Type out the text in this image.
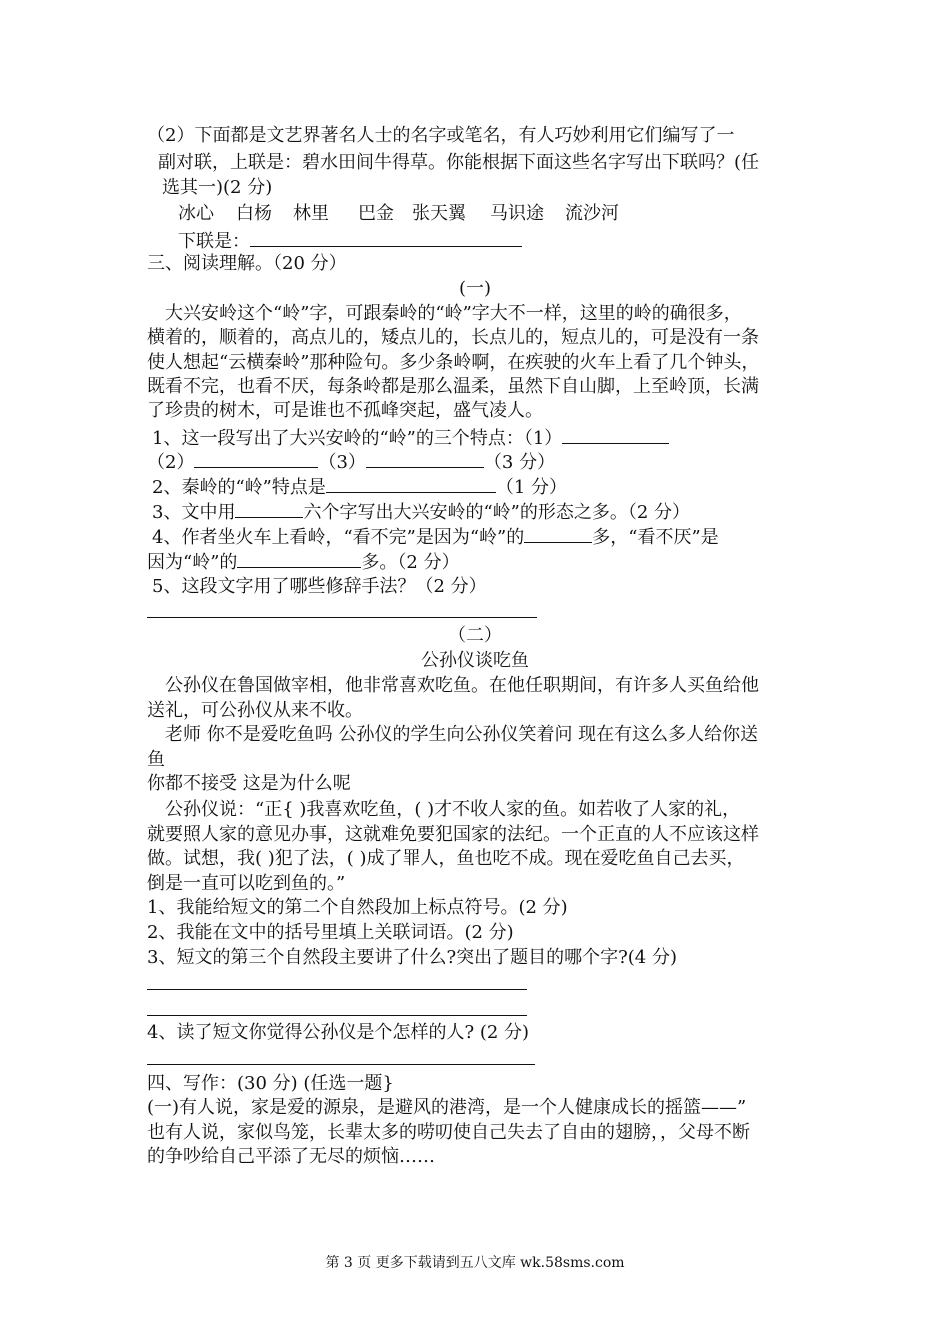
（2）下面都是文艺界著名人士的名字或笔名，有人巧妙利用它们编写了一
副对联，上联是：碧水田间牛得草。你能根据下面这些名字写出下联吗？(任
选其一)(2 分)
冰心 白杨 林里 巴金 张天翼 马识途 流沙河
下联是：
三、阅读理解。（20 分）
(一)
大兴安岭这个“岭”字，可跟秦岭的“岭”字大不一样，这里的岭的确很多，
横着的，顺着的，高点儿的，矮点儿的，长点儿的，短点儿的，可是没有一条
使人想起“云横秦岭”那种险句。多少条岭啊，在疾驶的火车上看了几个钟头，
既看不完，也看不厌，每条岭都是那么温柔，虽然下自山脚，上至岭顶，长满
了珍贵的树木，可是谁也不孤峰突起，盛气凌人。
1、这一段写出了大兴安岭的“岭”的三个特点：（1）
（2）	（3）	（3 分）
2、秦岭的“岭”特点是	（1 分）
3、文中用	六个字写出大兴安岭的“岭”的形态之多。（2 分）
4、作者坐火车上看岭，“看不完”是因为“岭”的	多，“看不厌”是
因为“岭”的	多。（2 分）
5、这段文字用了哪些修辞手法？（2 分）
（二）
公孙仪谈吃鱼
公孙仪在鲁国做宰相，他非常喜欢吃鱼。在他任职期间，有许多人买鱼给他
送礼，可公孙仪从来不收。
老师 你不是爱吃鱼吗 公孙仪的学生向公孙仪笑着问 现在有这么多人给你送
鱼
你都不接受 这是为什么呢
公孙仪说：“正{ )我喜欢吃鱼，( )才不收人家的鱼。如若收了人家的礼，
就要照人家的意见办事，这就难免要犯国家的法纪。一个正直的人不应该这样
做。试想，我( )犯了法，( )成了罪人，鱼也吃不成。现在爱吃鱼自己去买，
倒是一直可以吃到鱼的。”
1、我能给短文的第二个自然段加上标点符号。(2 分)
2、我能在文中的括号里填上关联词语。(2 分)
3、短文的第三个自然段主要讲了什么?突出了题目的哪个字?(4 分)
4、读了短文你觉得公孙仪是个怎样的人? (2 分)
四、写作：(30 分) (任选一题}
(一)有人说，家是爱的源泉，是避风的港湾，是一个人健康成长的摇篮——”
也有人说，家似鸟笼，长辈太多的唠叨使自己失去了自由的翅膀，，父母不断
的争吵给自己平添了无尽的烦恼……
第 3 页 更多下载请到五八文库 wk.58sms.com
